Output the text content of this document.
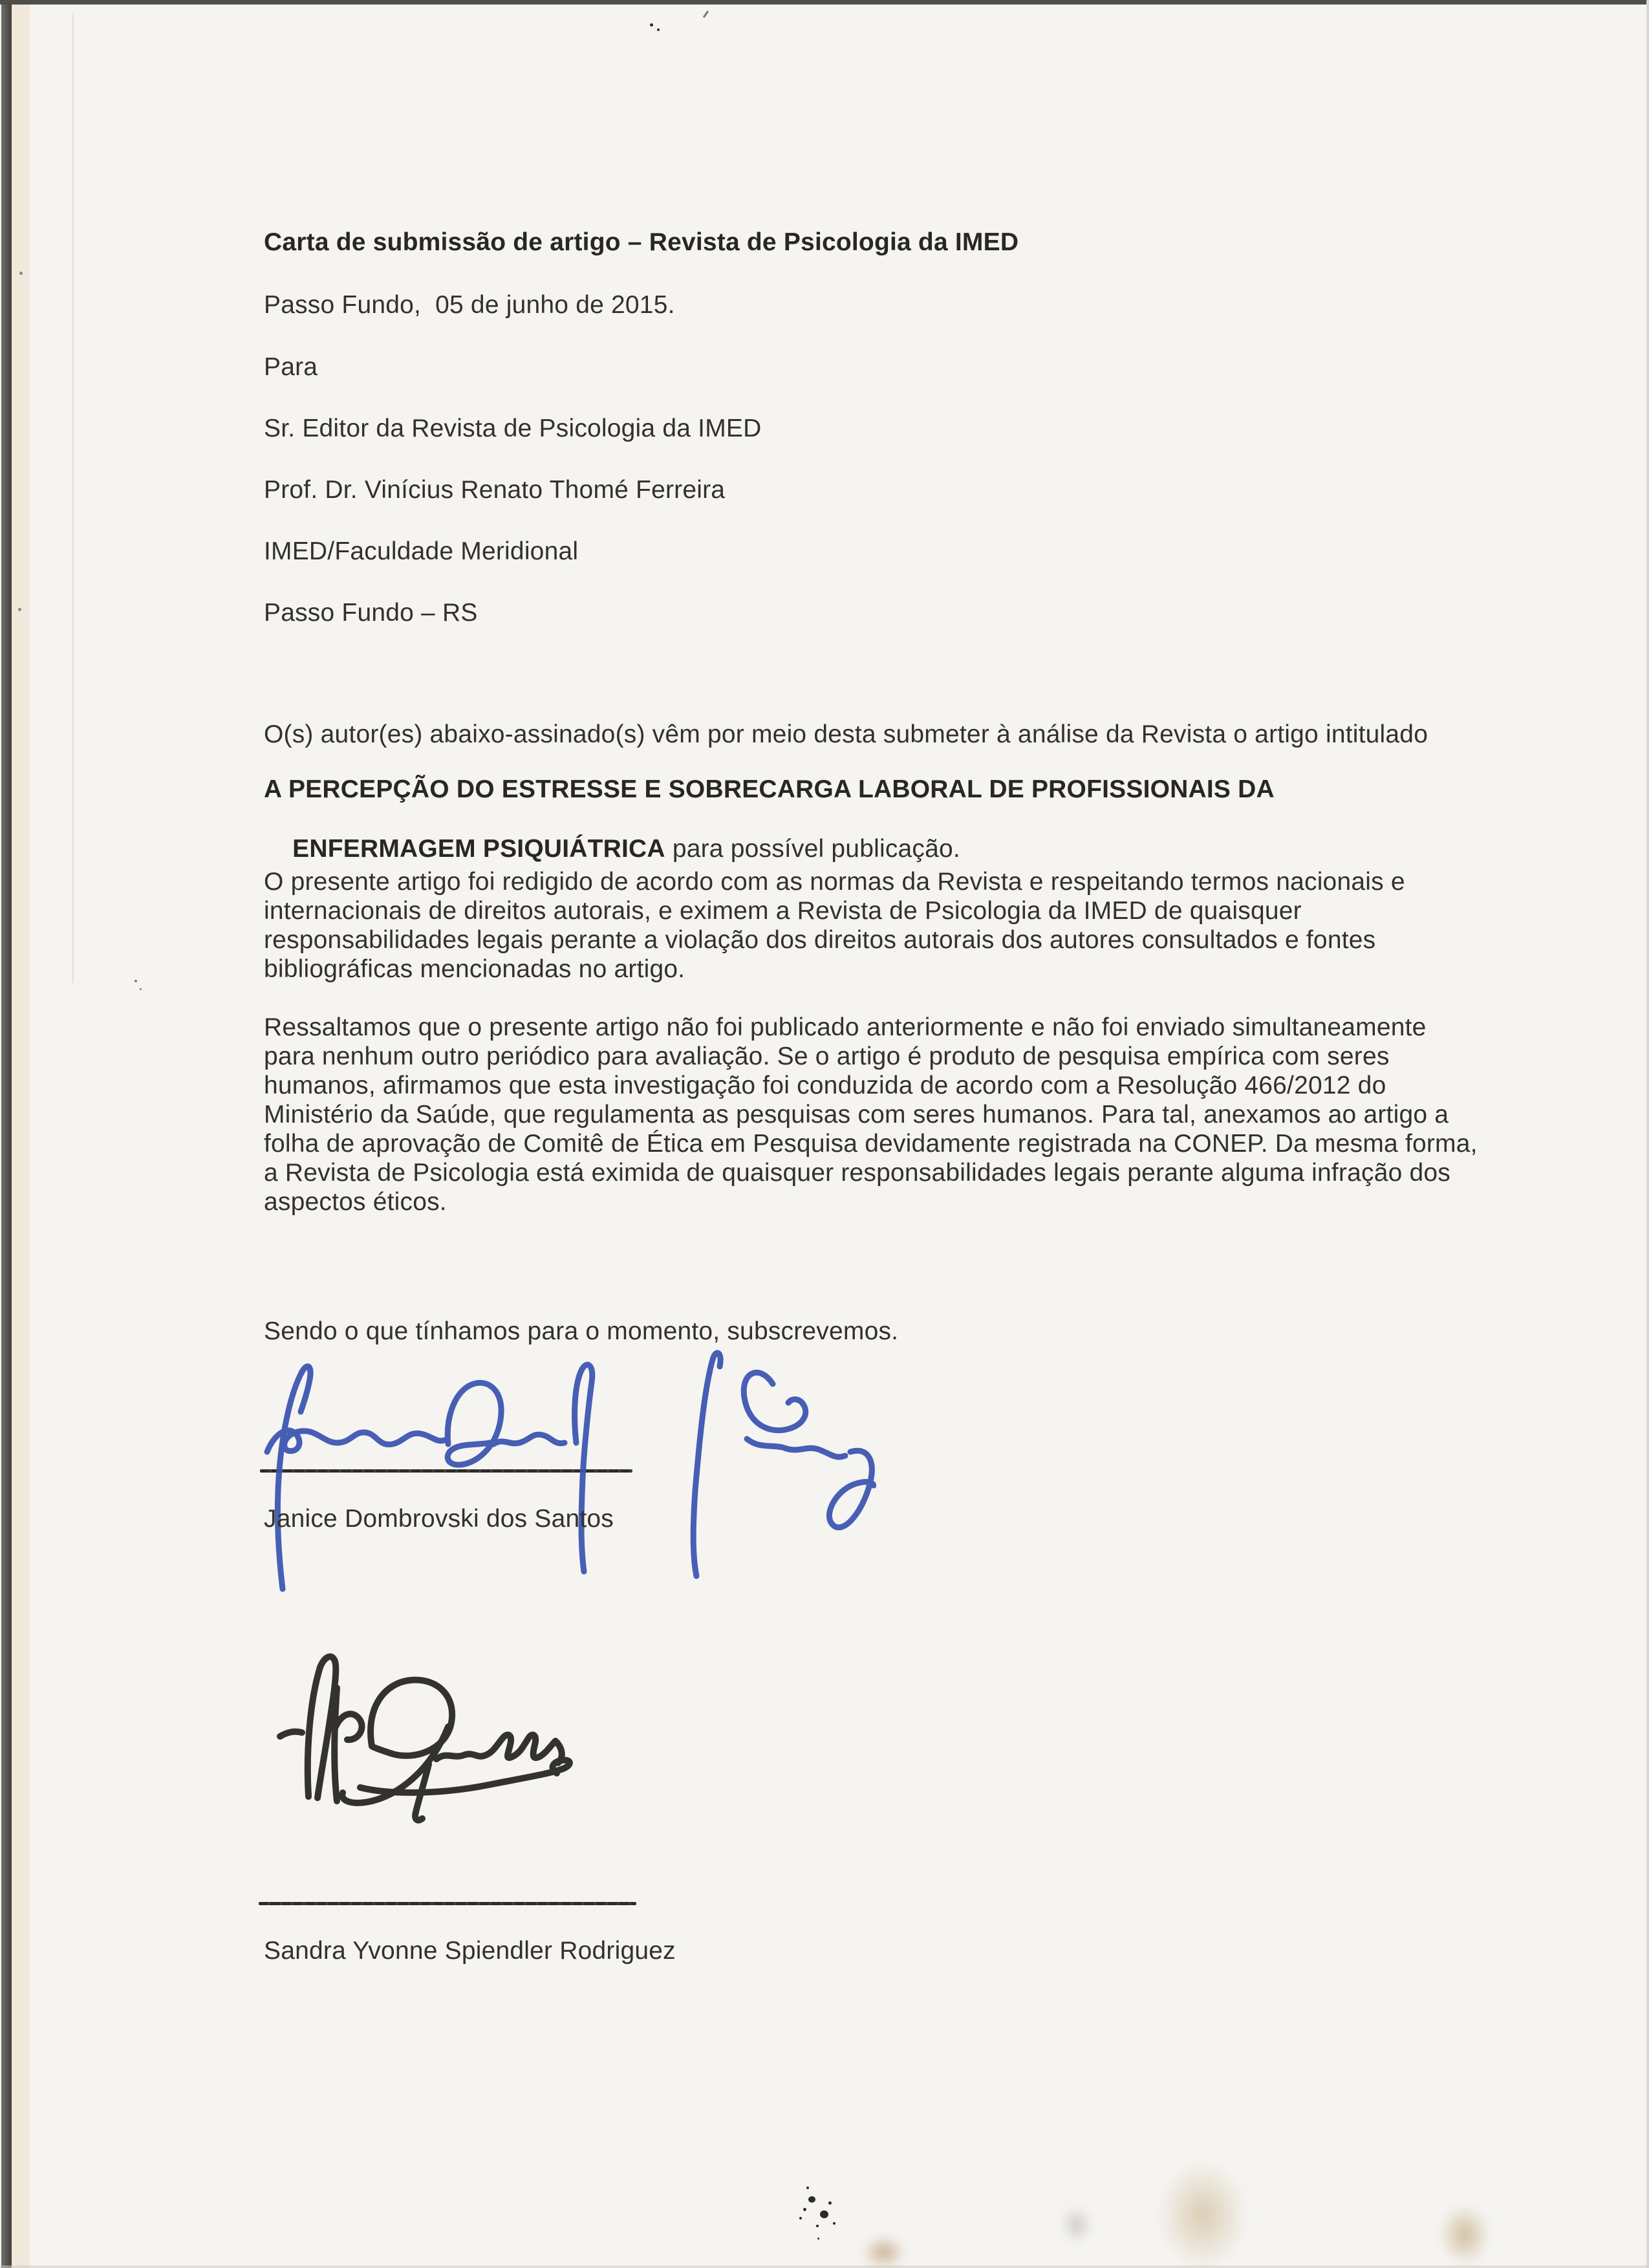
Carta de submissão de artigo – Revista de Psicologia da IMED
Passo Fundo,  05 de junho de 2015.
Para
Sr. Editor da Revista de Psicologia da IMED
Prof. Dr. Vinícius Renato Thomé Ferreira
IMED/Faculdade Meridional
Passo Fundo – RS
O(s) autor(es) abaixo-assinado(s) vêm por meio desta submeter à análise da Revista o artigo intitulado
A PERCEPÇÃO DO ESTRESSE E SOBRECARGA LABORAL DE PROFISSIONAIS DA

ENFERMAGEM PSIQUIÁTRICA para possível publicação.
O presente artigo foi redigido de acordo com as normas da Revista e respeitando termos nacionais e internacionais de direitos autorais, e eximem a Revista de Psicologia da IMED de quaisquer responsabilidades legais perante a violação dos direitos autorais dos autores consultados e fontes bibliográficas mencionadas no artigo.
Ressaltamos que o presente artigo não foi publicado anteriormente e não foi enviado simultaneamente para nenhum outro periódico para avaliação. Se o artigo é produto de pesquisa empírica com seres humanos, afirmamos que esta investigação foi conduzida de acordo com a Resolução 466/2012 do Ministério da Saúde, que regulamenta as pesquisas com seres humanos. Para tal, anexamos ao artigo a folha de aprovação de Comitê de Ética em Pesquisa devidamente registrada na CONEP. Da mesma forma, a Revista de Psicologia está eximida de quaisquer responsabilidades legais perante alguma infração dos aspectos éticos.
Sendo o que tínhamos para o momento, subscrevemos.
Janice Dombrovski dos Santos
Sandra Yvonne Spiendler Rodriguez
